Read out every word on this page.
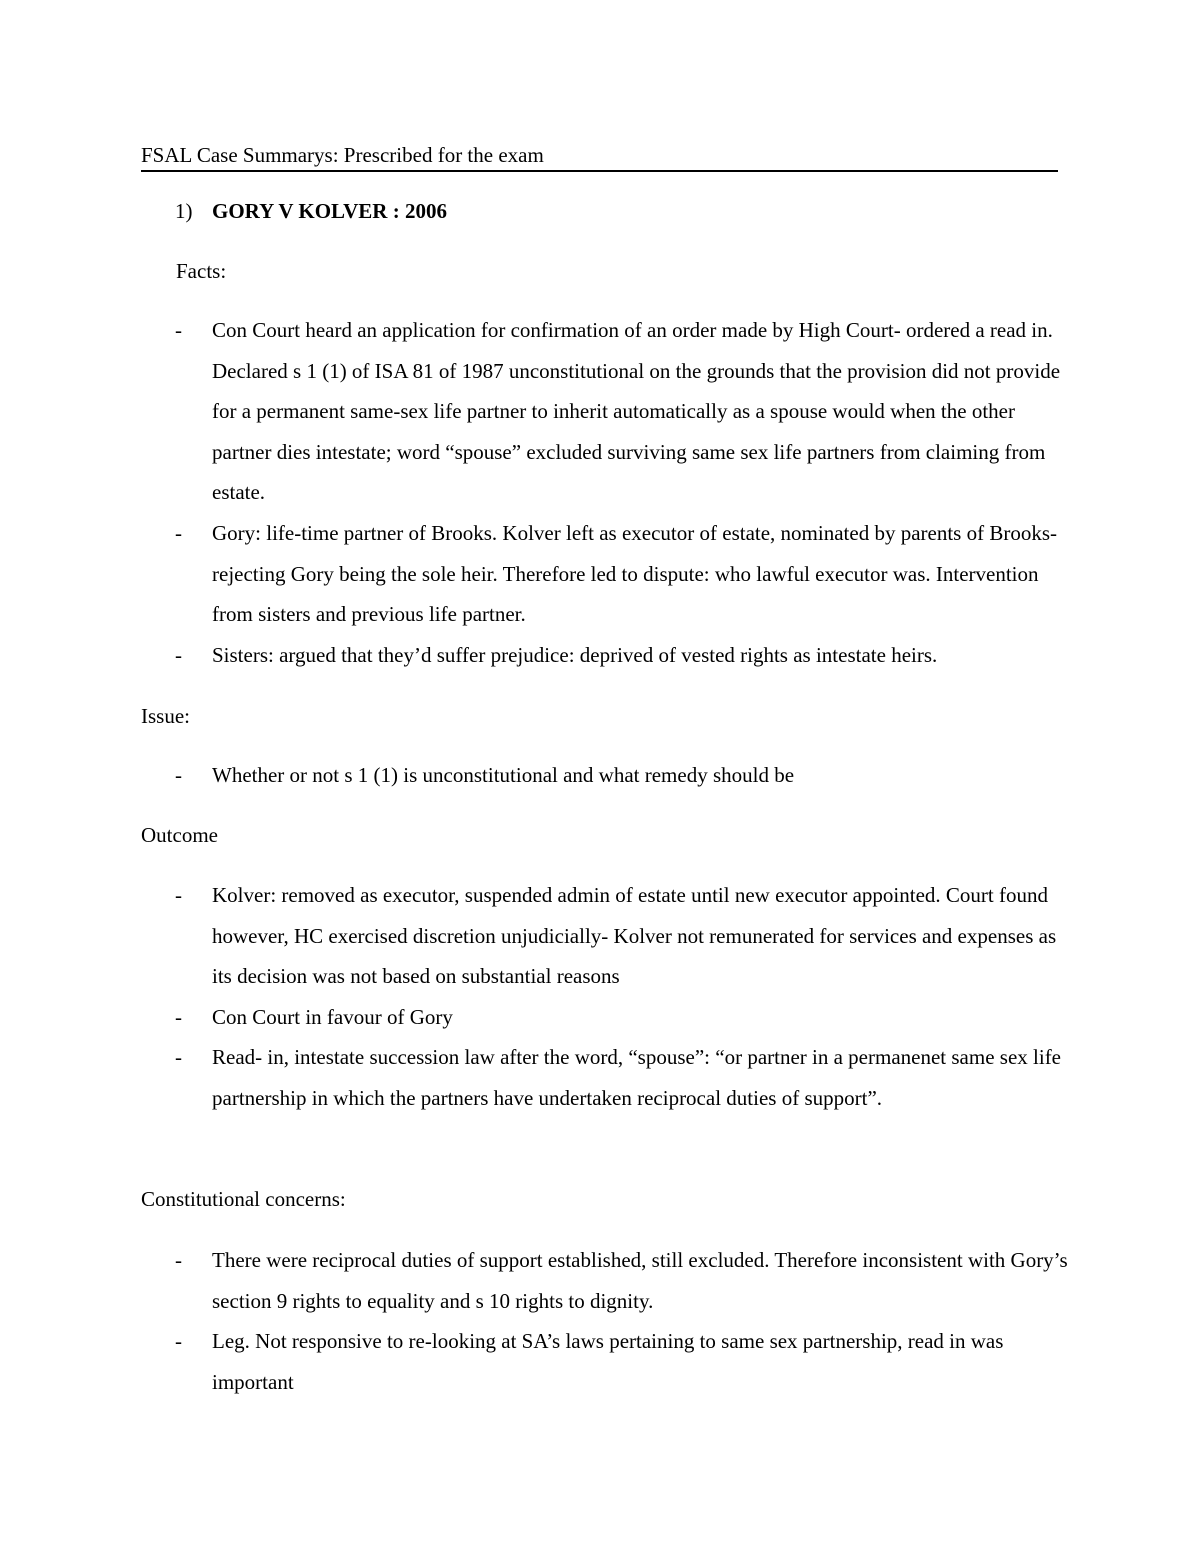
FSAL Case Summarys: Prescribed for the exam
1) GORY V KOLVER : 2006
Facts:
- Con Court heard an application for confirmation of an order made by High Court- ordered a read in. Declared s 1 (1) of ISA 81 of 1987 unconstitutional on the grounds that the provision did not provide for a permanent same-sex life partner to inherit automatically as a spouse would when the other partner dies intestate; word “spouse” excluded surviving same sex life partners from claiming from estate.
- Gory: life-time partner of Brooks. Kolver left as executor of estate, nominated by parents of Brooks- rejecting Gory being the sole heir. Therefore led to dispute: who lawful executor was. Intervention from sisters and previous life partner.
- Sisters: argued that they’d suffer prejudice: deprived of vested rights as intestate heirs.
Issue:
- Whether or not s 1 (1) is unconstitutional and what remedy should be
Outcome
- Kolver: removed as executor, suspended admin of estate until new executor appointed. Court found however, HC exercised discretion unjudicially- Kolver not remunerated for services and expenses as its decision was not based on substantial reasons
- Con Court in favour of Gory
- Read- in, intestate succession law after the word, “spouse”: “or partner in a permanenet same sex life partnership in which the partners have undertaken reciprocal duties of support”.
Constitutional concerns:
- There were reciprocal duties of support established, still excluded. Therefore inconsistent with Gory’s section 9 rights to equality and s 10 rights to dignity.
- Leg. Not responsive to re-looking at SA’s laws pertaining to same sex partnership, read in was important
